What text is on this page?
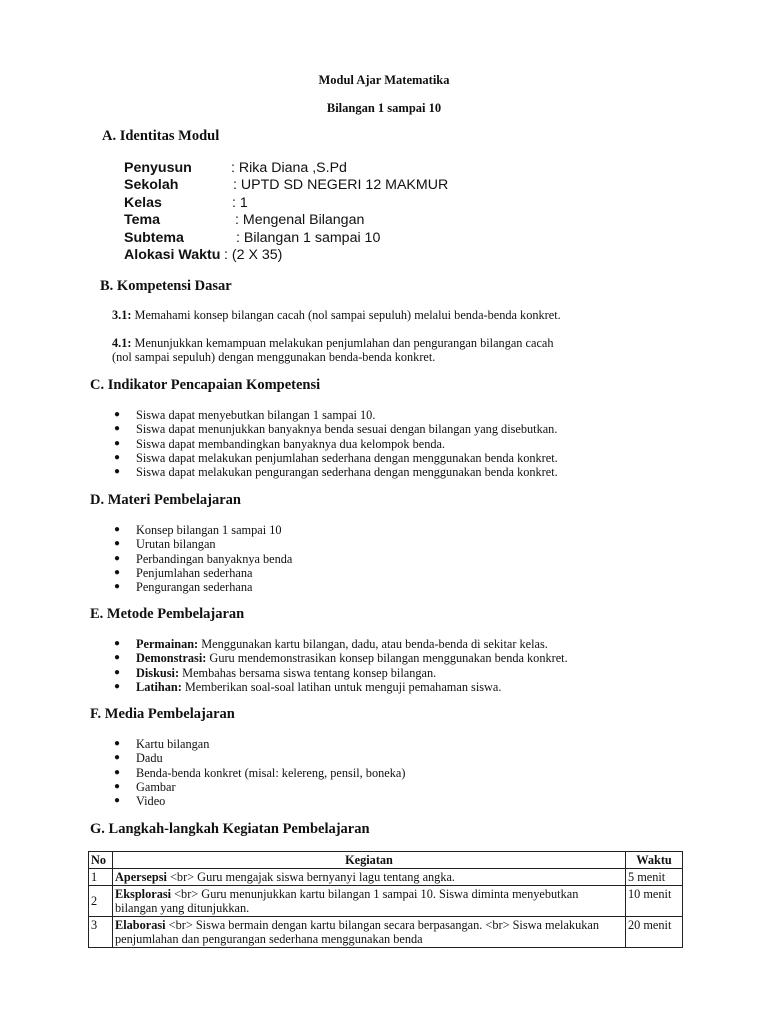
Modul Ajar Matematika
Bilangan 1 sampai 10
A. Identitas Modul
Penyusun	: Rika Diana ,S.Pd
Sekolah	: UPTD SD NEGERI 12 MAKMUR
Kelas	: 1
Tema	: Mengenal Bilangan
Subtema	: Bilangan 1 sampai 10
Alokasi Waktu : (2 X 35)
B. Kompetensi Dasar
3.1: Memahami konsep bilangan cacah (nol sampai sepuluh) melalui benda-benda konkret.
4.1: Menunjukkan kemampuan melakukan penjumlahan dan pengurangan bilangan cacah
(nol sampai sepuluh) dengan menggunakan benda-benda konkret.
C. Indikator Pencapaian Kompetensi
● Siswa dapat menyebutkan bilangan 1 sampai 10.
● Siswa dapat menunjukkan banyaknya benda sesuai dengan bilangan yang disebutkan.
● Siswa dapat membandingkan banyaknya dua kelompok benda.
● Siswa dapat melakukan penjumlahan sederhana dengan menggunakan benda konkret.
● Siswa dapat melakukan pengurangan sederhana dengan menggunakan benda konkret.
D. Materi Pembelajaran
● Konsep bilangan 1 sampai 10
● Urutan bilangan
● Perbandingan banyaknya benda
● Penjumlahan sederhana
● Pengurangan sederhana
E. Metode Pembelajaran
● Permainan: Menggunakan kartu bilangan, dadu, atau benda-benda di sekitar kelas.
● Demonstrasi: Guru mendemonstrasikan konsep bilangan menggunakan benda konkret.
● Diskusi: Membahas bersama siswa tentang konsep bilangan.
● Latihan: Memberikan soal-soal latihan untuk menguji pemahaman siswa.
F. Media Pembelajaran
● Kartu bilangan
● Dadu
● Benda-benda konkret (misal: kelereng, pensil, boneka)
● Gambar
● Video
G. Langkah-langkah Kegiatan Pembelajaran
No	Kegiatan	Waktu
1	Apersepsi <br> Guru mengajak siswa bernyanyi lagu tentang angka.	5 menit
2	Eksplorasi <br> Guru menunjukkan kartu bilangan 1 sampai 10. Siswa diminta menyebutkan bilangan yang ditunjukkan.	10 menit
3	Elaborasi <br> Siswa bermain dengan kartu bilangan secara berpasangan. <br> Siswa melakukan penjumlahan dan pengurangan sederhana menggunakan benda	20 menit
